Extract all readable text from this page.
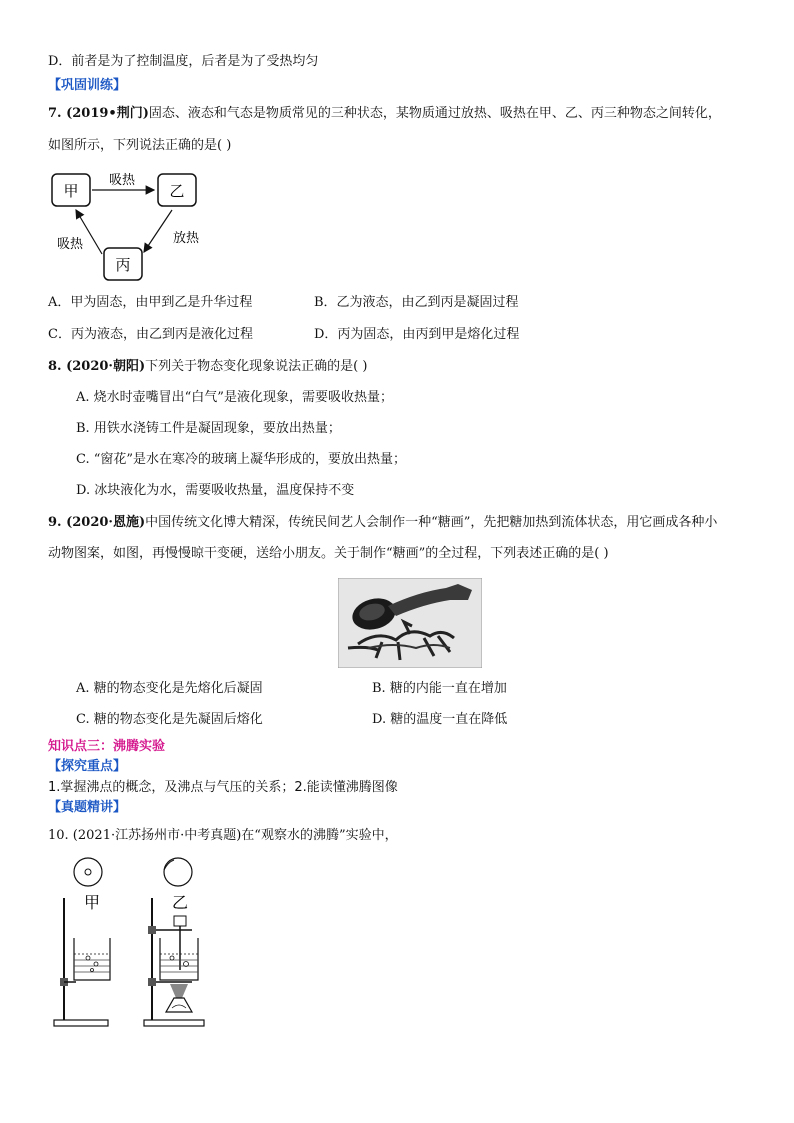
D．前者是为了控制温度，后者是为了受热均匀
【巩固训练】
7. (2019•荆门)固态、液态和气态是物质常见的三种状态，某物质通过放热、吸热在甲、乙、丙三种物态之间转化，
如图所示，下列说法正确的是( )
甲	乙
丙
吸热
放热
吸热
A．甲为固态，由甲到乙是升华过程	B．乙为液态，由乙到丙是凝固过程
C．丙为液态，由乙到丙是液化过程	D．丙为固态，由丙到甲是熔化过程
8. (2020·朝阳)下列关于物态变化现象说法正确的是( )
A. 烧水时壶嘴冒出“白气”是液化现象，需要吸收热量；
B. 用铁水浇铸工件是凝固现象，要放出热量；
C. “窗花”是水在寒冷的玻璃上凝华形成的，要放出热量；
D. 冰块液化为水，需要吸收热量，温度保持不变
9. (2020·恩施)中国传统文化博大精深，传统民间艺人会制作一种“糖画”，先把糖加热到流体状态，用它画成各种小
动物图案，如图，再慢慢晾干变硬，送给小朋友。关于制作“糖画”的全过程，下列表述正确的是( )
A. 糖的物态变化是先熔化后凝固	B. 糖的内能一直在增加
C. 糖的物态变化是先凝固后熔化	D. 糖的温度一直在降低
知识点三：沸腾实验
【探究重点】
1.掌握沸点的概念，及沸点与气压的关系；2.能读懂沸腾图像
【真题精讲】
10. (2021·江苏扬州市·中考真题)在“观察水的沸腾”实验中，
甲	乙
